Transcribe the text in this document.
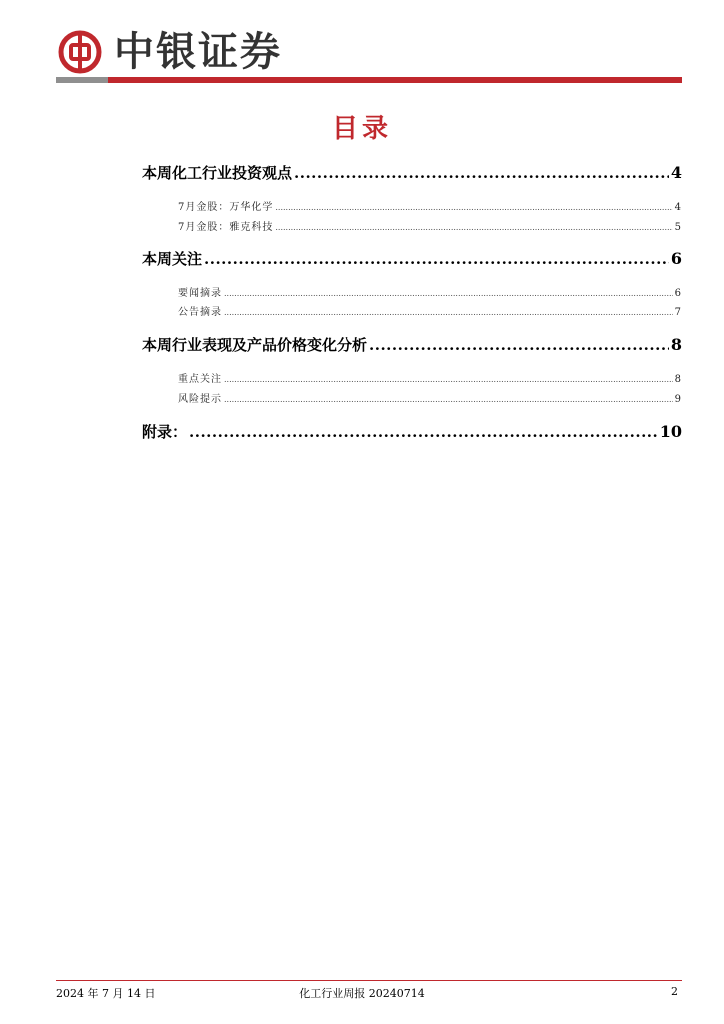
中银证券
目录
本周化工行业投资观点 .....	4
7月金股：万华化学 .....	4
7月金股：雅克科技 .....	5
本周关注 .....	6
要闻摘录 .....	6
公告摘录 .....	7
本周行业表现及产品价格变化分析 .....	8
重点关注 .....	8
风险提示 .....	9
附录： .....	10
2024 年 7 月 14 日	化工行业周报 20240714	2
